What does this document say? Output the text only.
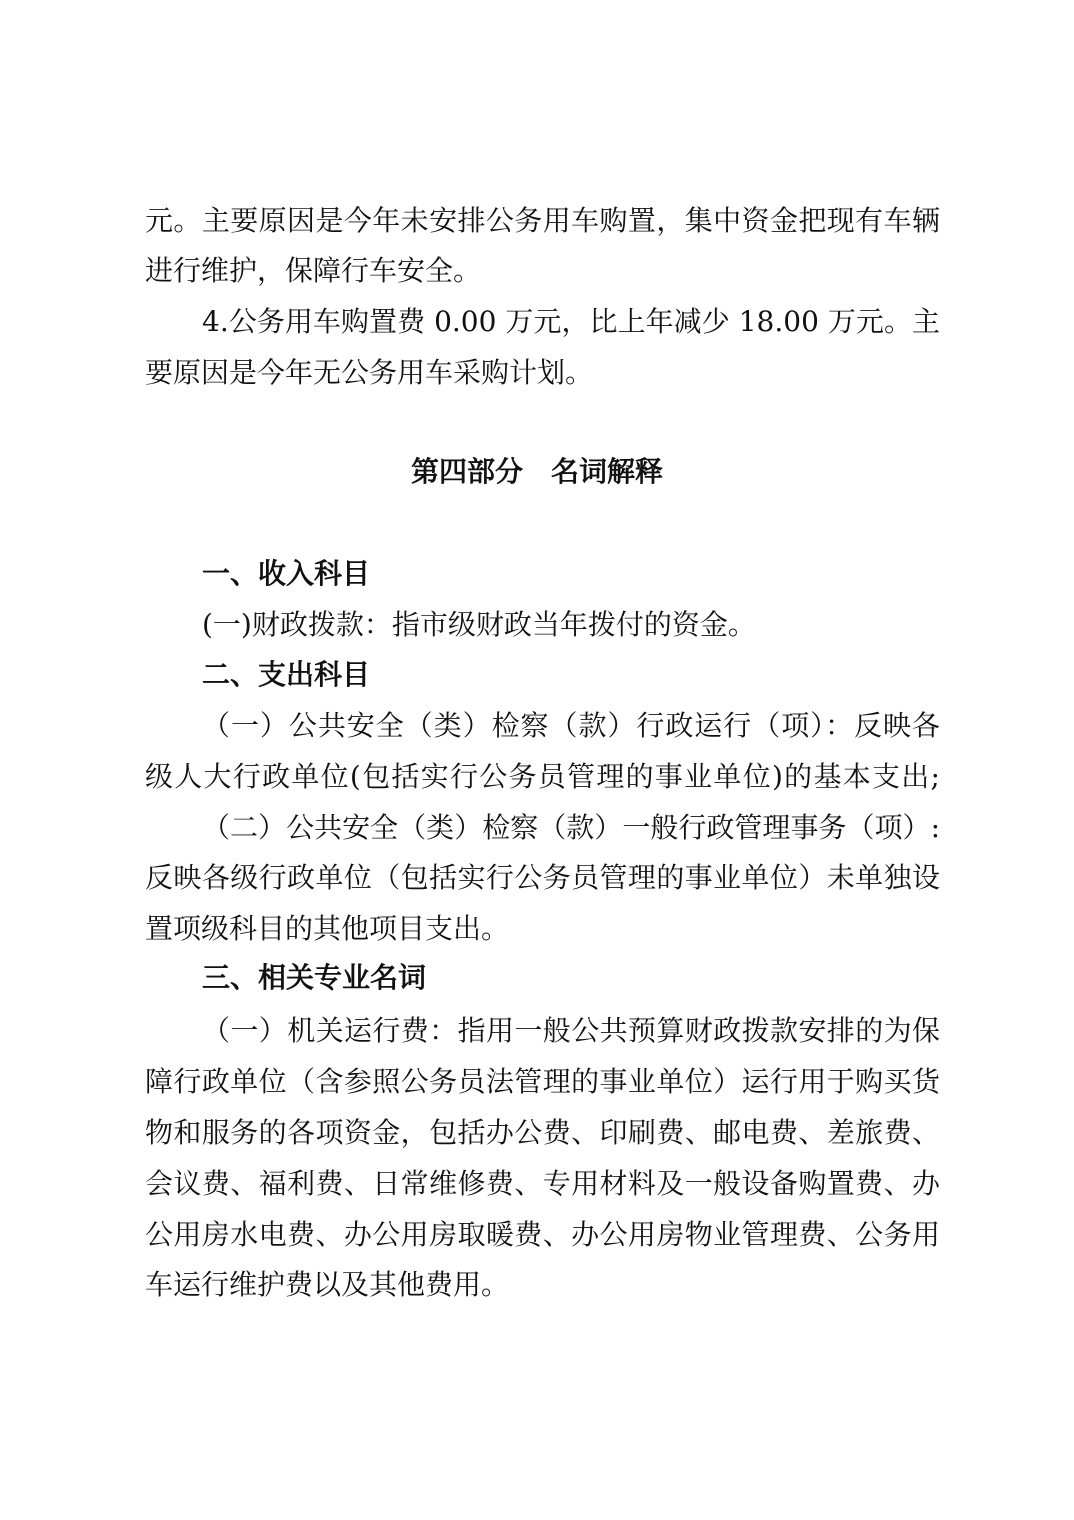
元。主要原因是今年未安排公务用车购置，集中资金把现有车辆

进行维护，保障行车安全。

4.公务用车购置费 0.00 万元，比上年减少 18.00 万元。主

要原因是今年无公务用车采购计划。

第四部分　名词解释

一、收入科目

(一)财政拨款：指市级财政当年拨付的资金。

二、支出科目

（一）公共安全（类）检察（款）行政运行（项）：反映各

级人大行政单位(包括实行公务员管理的事业单位)的基本支出;

（二）公共安全（类）检察（款）一般行政管理事务（项）:

反映各级行政单位（包括实行公务员管理的事业单位）未单独设

置项级科目的其他项目支出。

三、相关专业名词

（一）机关运行费：指用一般公共预算财政拨款安排的为保

障行政单位（含参照公务员法管理的事业单位）运行用于购买货

物和服务的各项资金，包括办公费、印刷费、邮电费、差旅费、

会议费、福利费、日常维修费、专用材料及一般设备购置费、办

公用房水电费、办公用房取暖费、办公用房物业管理费、公务用

车运行维护费以及其他费用。
